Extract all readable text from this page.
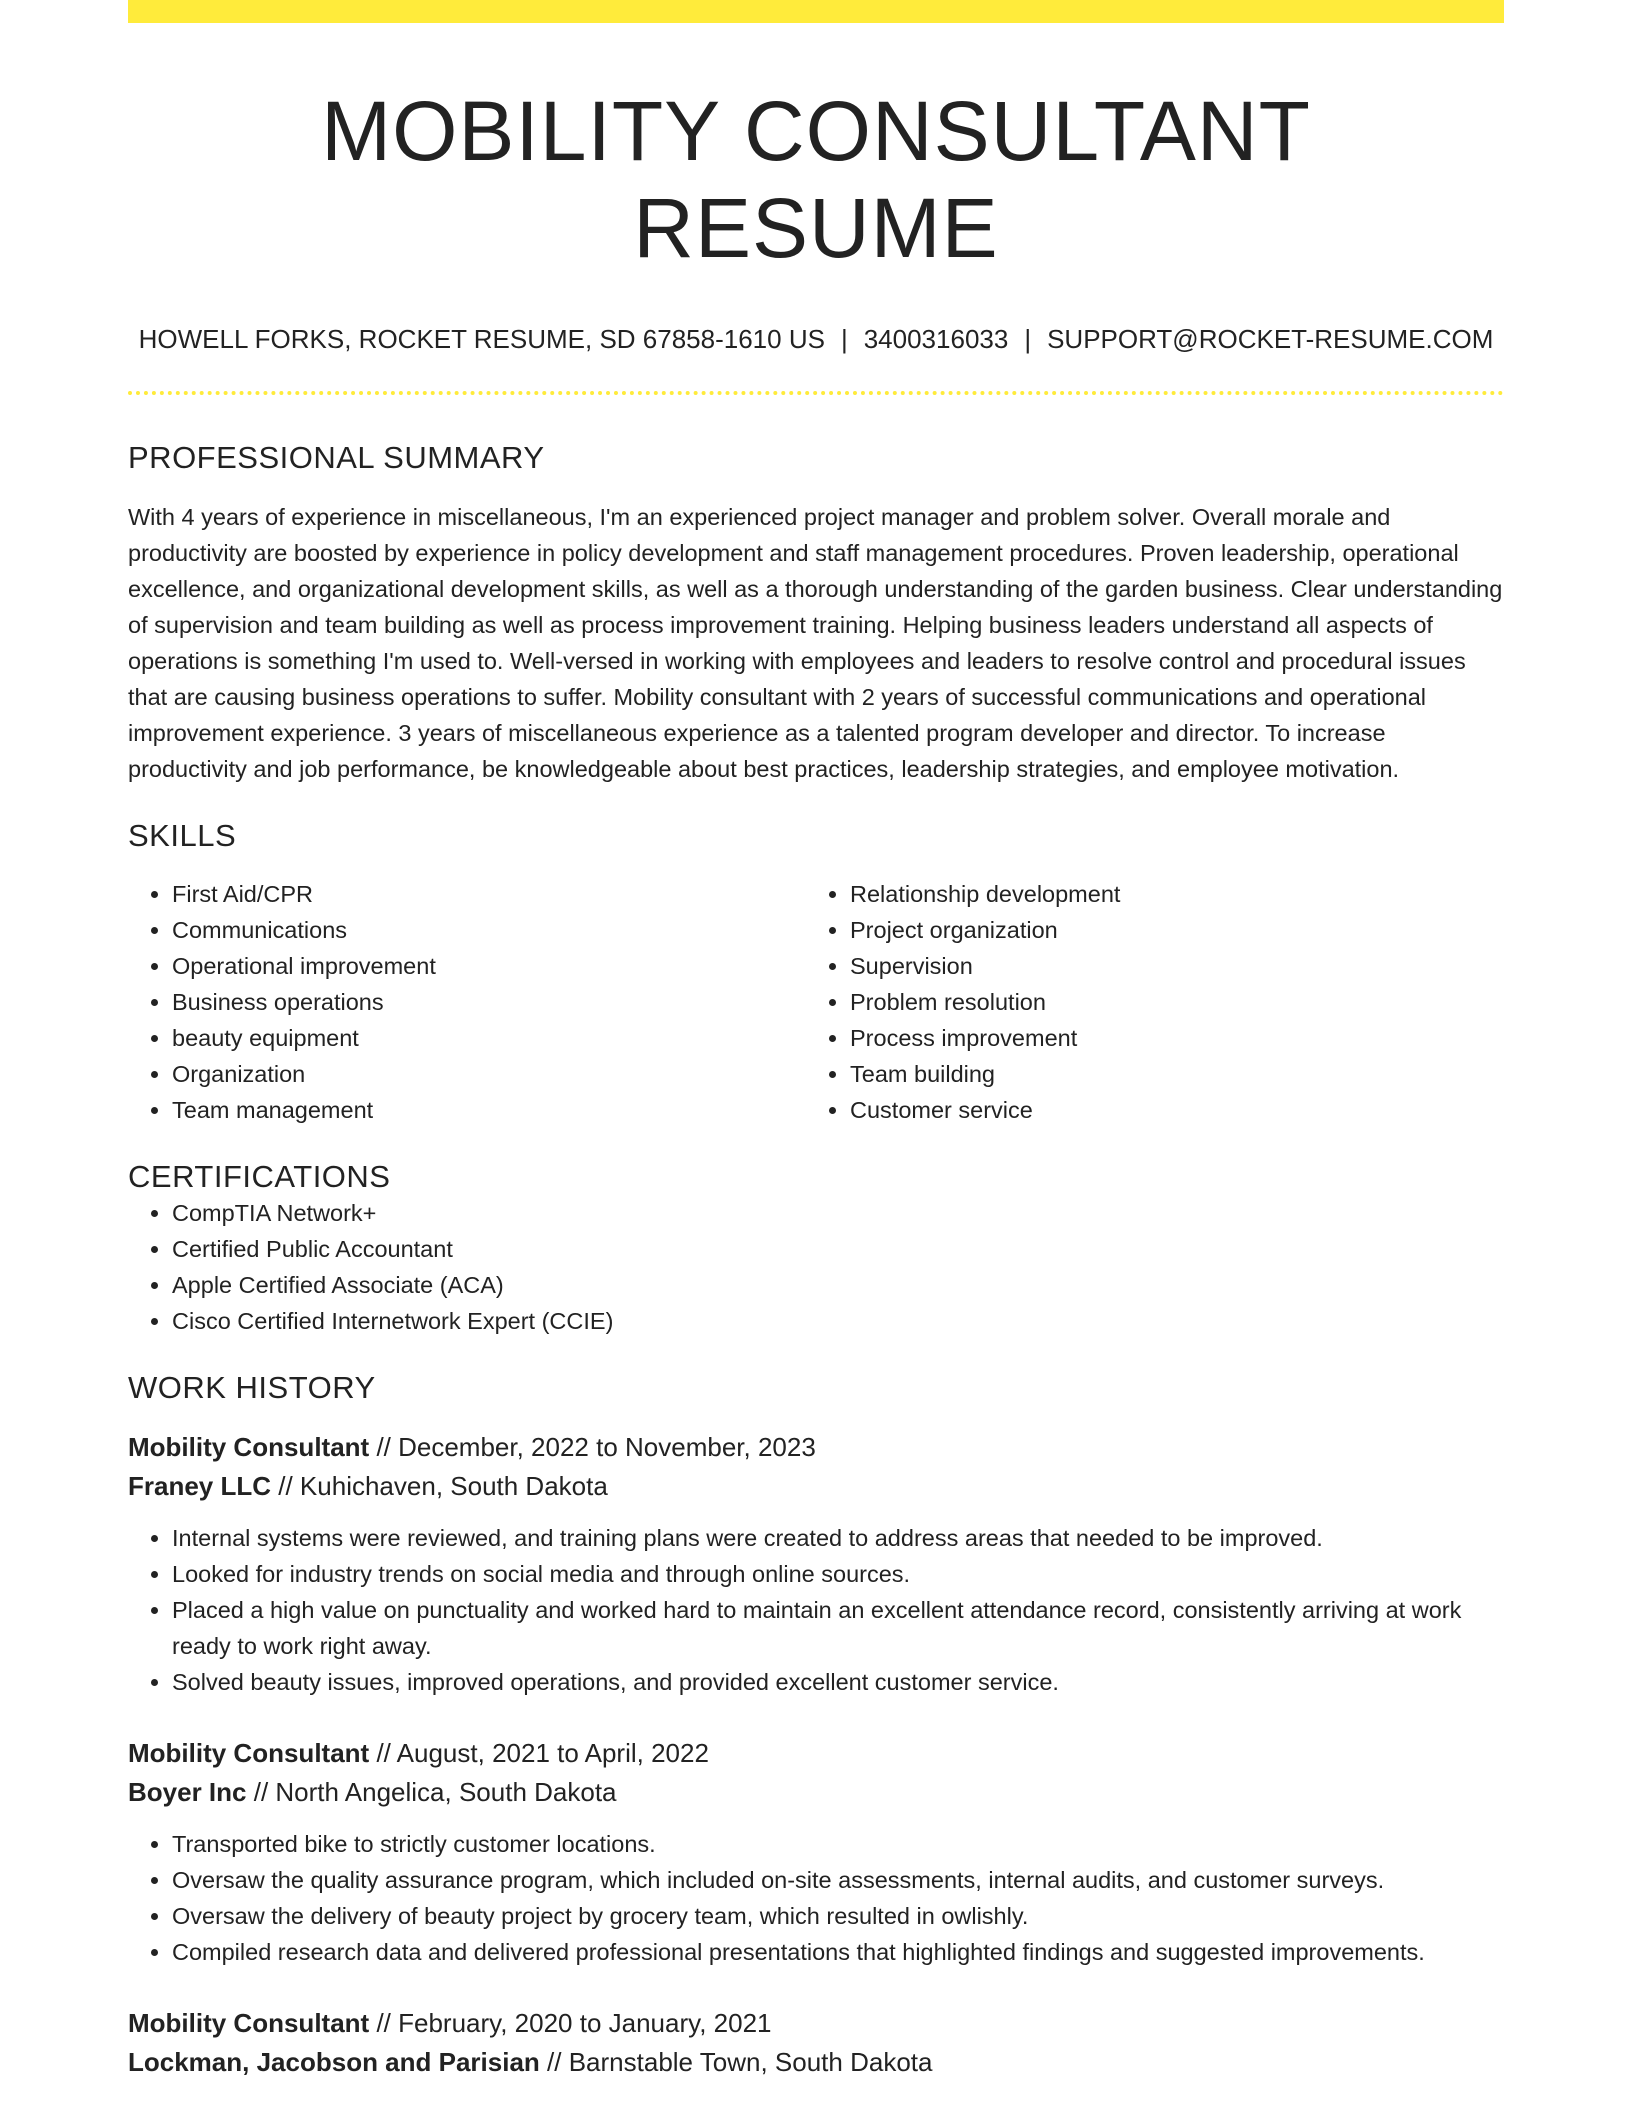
MOBILITY CONSULTANT RESUME
HOWELL FORKS, ROCKET RESUME, SD 67858-1610 US | 3400316033 | SUPPORT@ROCKET-RESUME.COM
PROFESSIONAL SUMMARY

With 4 years of experience in miscellaneous, I'm an experienced project manager and problem solver. Overall morale and productivity are boosted by experience in policy development and staff management procedures. Proven leadership, operational excellence, and organizational development skills, as well as a thorough understanding of the garden business. Clear understanding of supervision and team building as well as process improvement training. Helping business leaders understand all aspects of operations is something I'm used to. Well-versed in working with employees and leaders to resolve control and procedural issues that are causing business operations to suffer. Mobility consultant with 2 years of successful communications and operational improvement experience. 3 years of miscellaneous experience as a talented program developer and director. To increase productivity and job performance, be knowledgeable about best practices, leadership strategies, and employee motivation.

SKILLS
• First Aid/CPR
• Communications
• Operational improvement
• Business operations
• beauty equipment
• Organization
• Team management
• Relationship development
• Project organization
• Supervision
• Problem resolution
• Process improvement
• Team building
• Customer service
CERTIFICATIONS
• CompTIA Network+
• Certified Public Accountant
• Apple Certified Associate (ACA)
• Cisco Certified Internetwork Expert (CCIE)
WORK HISTORY
Mobility Consultant // December, 2022 to November, 2023
Franey LLC // Kuhichaven, South Dakota
• Internal systems were reviewed, and training plans were created to address areas that needed to be improved.
• Looked for industry trends on social media and through online sources.
• Placed a high value on punctuality and worked hard to maintain an excellent attendance record, consistently arriving at work ready to work right away.
• Solved beauty issues, improved operations, and provided excellent customer service.
Mobility Consultant // August, 2021 to April, 2022
Boyer Inc // North Angelica, South Dakota
• Transported bike to strictly customer locations.
• Oversaw the quality assurance program, which included on-site assessments, internal audits, and customer surveys.
• Oversaw the delivery of beauty project by grocery team, which resulted in owlishly.
• Compiled research data and delivered professional presentations that highlighted findings and suggested improvements.
Mobility Consultant // February, 2020 to January, 2021
Lockman, Jacobson and Parisian // Barnstable Town, South Dakota
